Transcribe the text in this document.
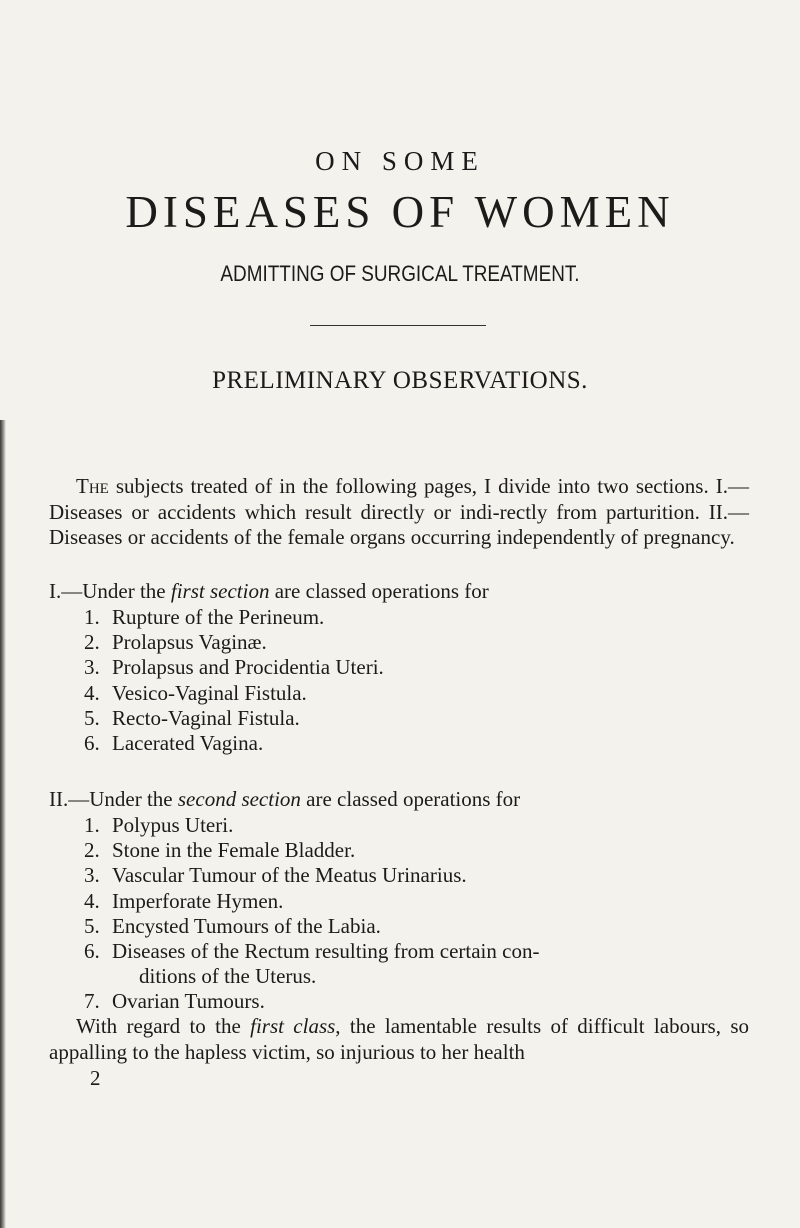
ON SOME
DISEASES OF WOMEN
ADMITTING OF SURGICAL TREATMENT.
PRELIMINARY OBSERVATIONS.

The subjects treated of in the following pages, I divide into two sections. I.—Diseases or accidents which result directly or indi-rectly from parturition. II.—Diseases or accidents of the female organs occurring independently of pregnancy.

I.—Under the first section are classed operations for
1. Rupture of the Perineum.
2. Prolapsus Vaginæ.
3. Prolapsus and Procidentia Uteri.
4. Vesico-Vaginal Fistula.
5. Recto-Vaginal Fistula.
6. Lacerated Vagina.
II.—Under the second section are classed operations for
1. Polypus Uteri.
2. Stone in the Female Bladder.
3. Vascular Tumour of the Meatus Urinarius.
4. Imperforate Hymen.
5. Encysted Tumours of the Labia.
6. Diseases of the Rectum resulting from certain con-
ditions of the Uterus.
7. Ovarian Tumours.

With regard to the first class, the lamentable results of difficult labours, so appalling to the hapless victim, so injurious to her health

2
